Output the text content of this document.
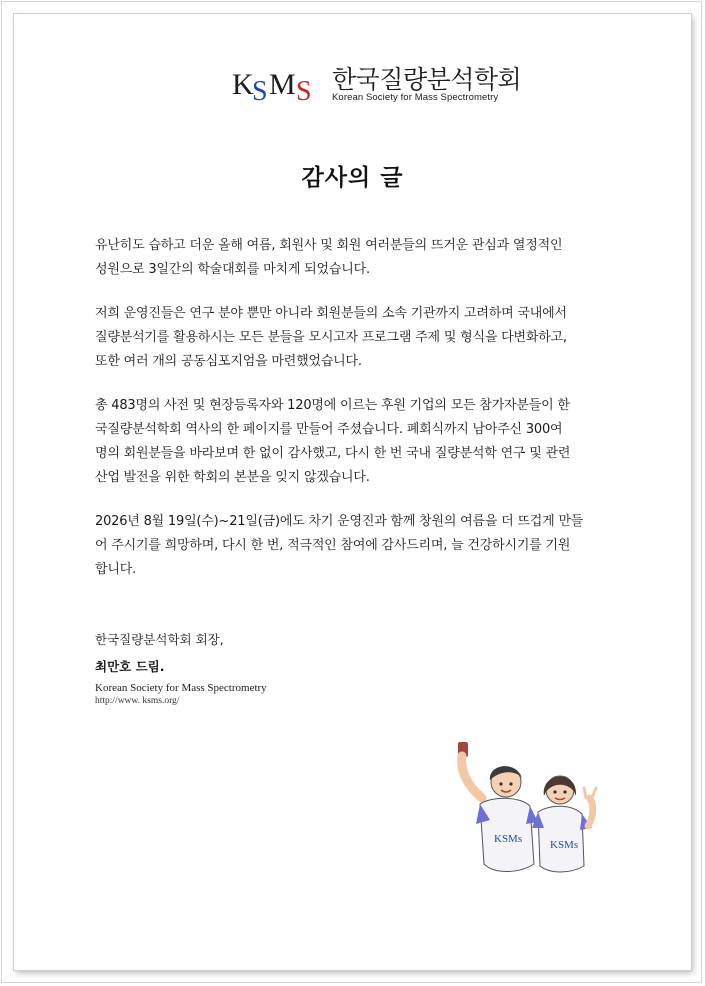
K
S M S 한국질량분석학회
Korean Society for Mass Spectrometry
감사의 글

유난히도 습하고 더운 올해 여름, 회원사 및 회원 여러분들의 뜨거운 관심과 열정적인
성원으로 3일간의 학술대회를 마치게 되었습니다.

저희 운영진들은 연구 분야 뿐만 아니라 회원분들의 소속 기관까지 고려하며 국내에서
질량분석기를 활용하시는 모든 분들을 모시고자 프로그램 주제 및 형식을 다변화하고,
또한 여러 개의 공동심포지엄을 마련했었습니다.

총 483명의 사전 및 현장등록자와 120명에 이르는 후원 기업의 모든 참가자분들이 한
국질량분석학회 역사의 한 페이지를 만들어 주셨습니다. 폐회식까지 남아주신 300여
명의 회원분들을 바라보며 한 없이 감사했고, 다시 한 번 국내 질량분석학 연구 및 관련
산업 발전을 위한 학회의 본분을 잊지 않겠습니다.

2026년 8월 19일(수)~21일(금)에도 차기 운영진과 함께 창원의 여름을 더 뜨겁게 만들
어 주시기를 희망하며, 다시 한 번, 적극적인 참여에 감사드리며, 늘 건강하시기를 기원
합니다.

한국질량분석학회 회장,
최만호 드림.
Korean Society for Mass Spectrometry
http://www. ksms.org/
KSMs	KSMs
